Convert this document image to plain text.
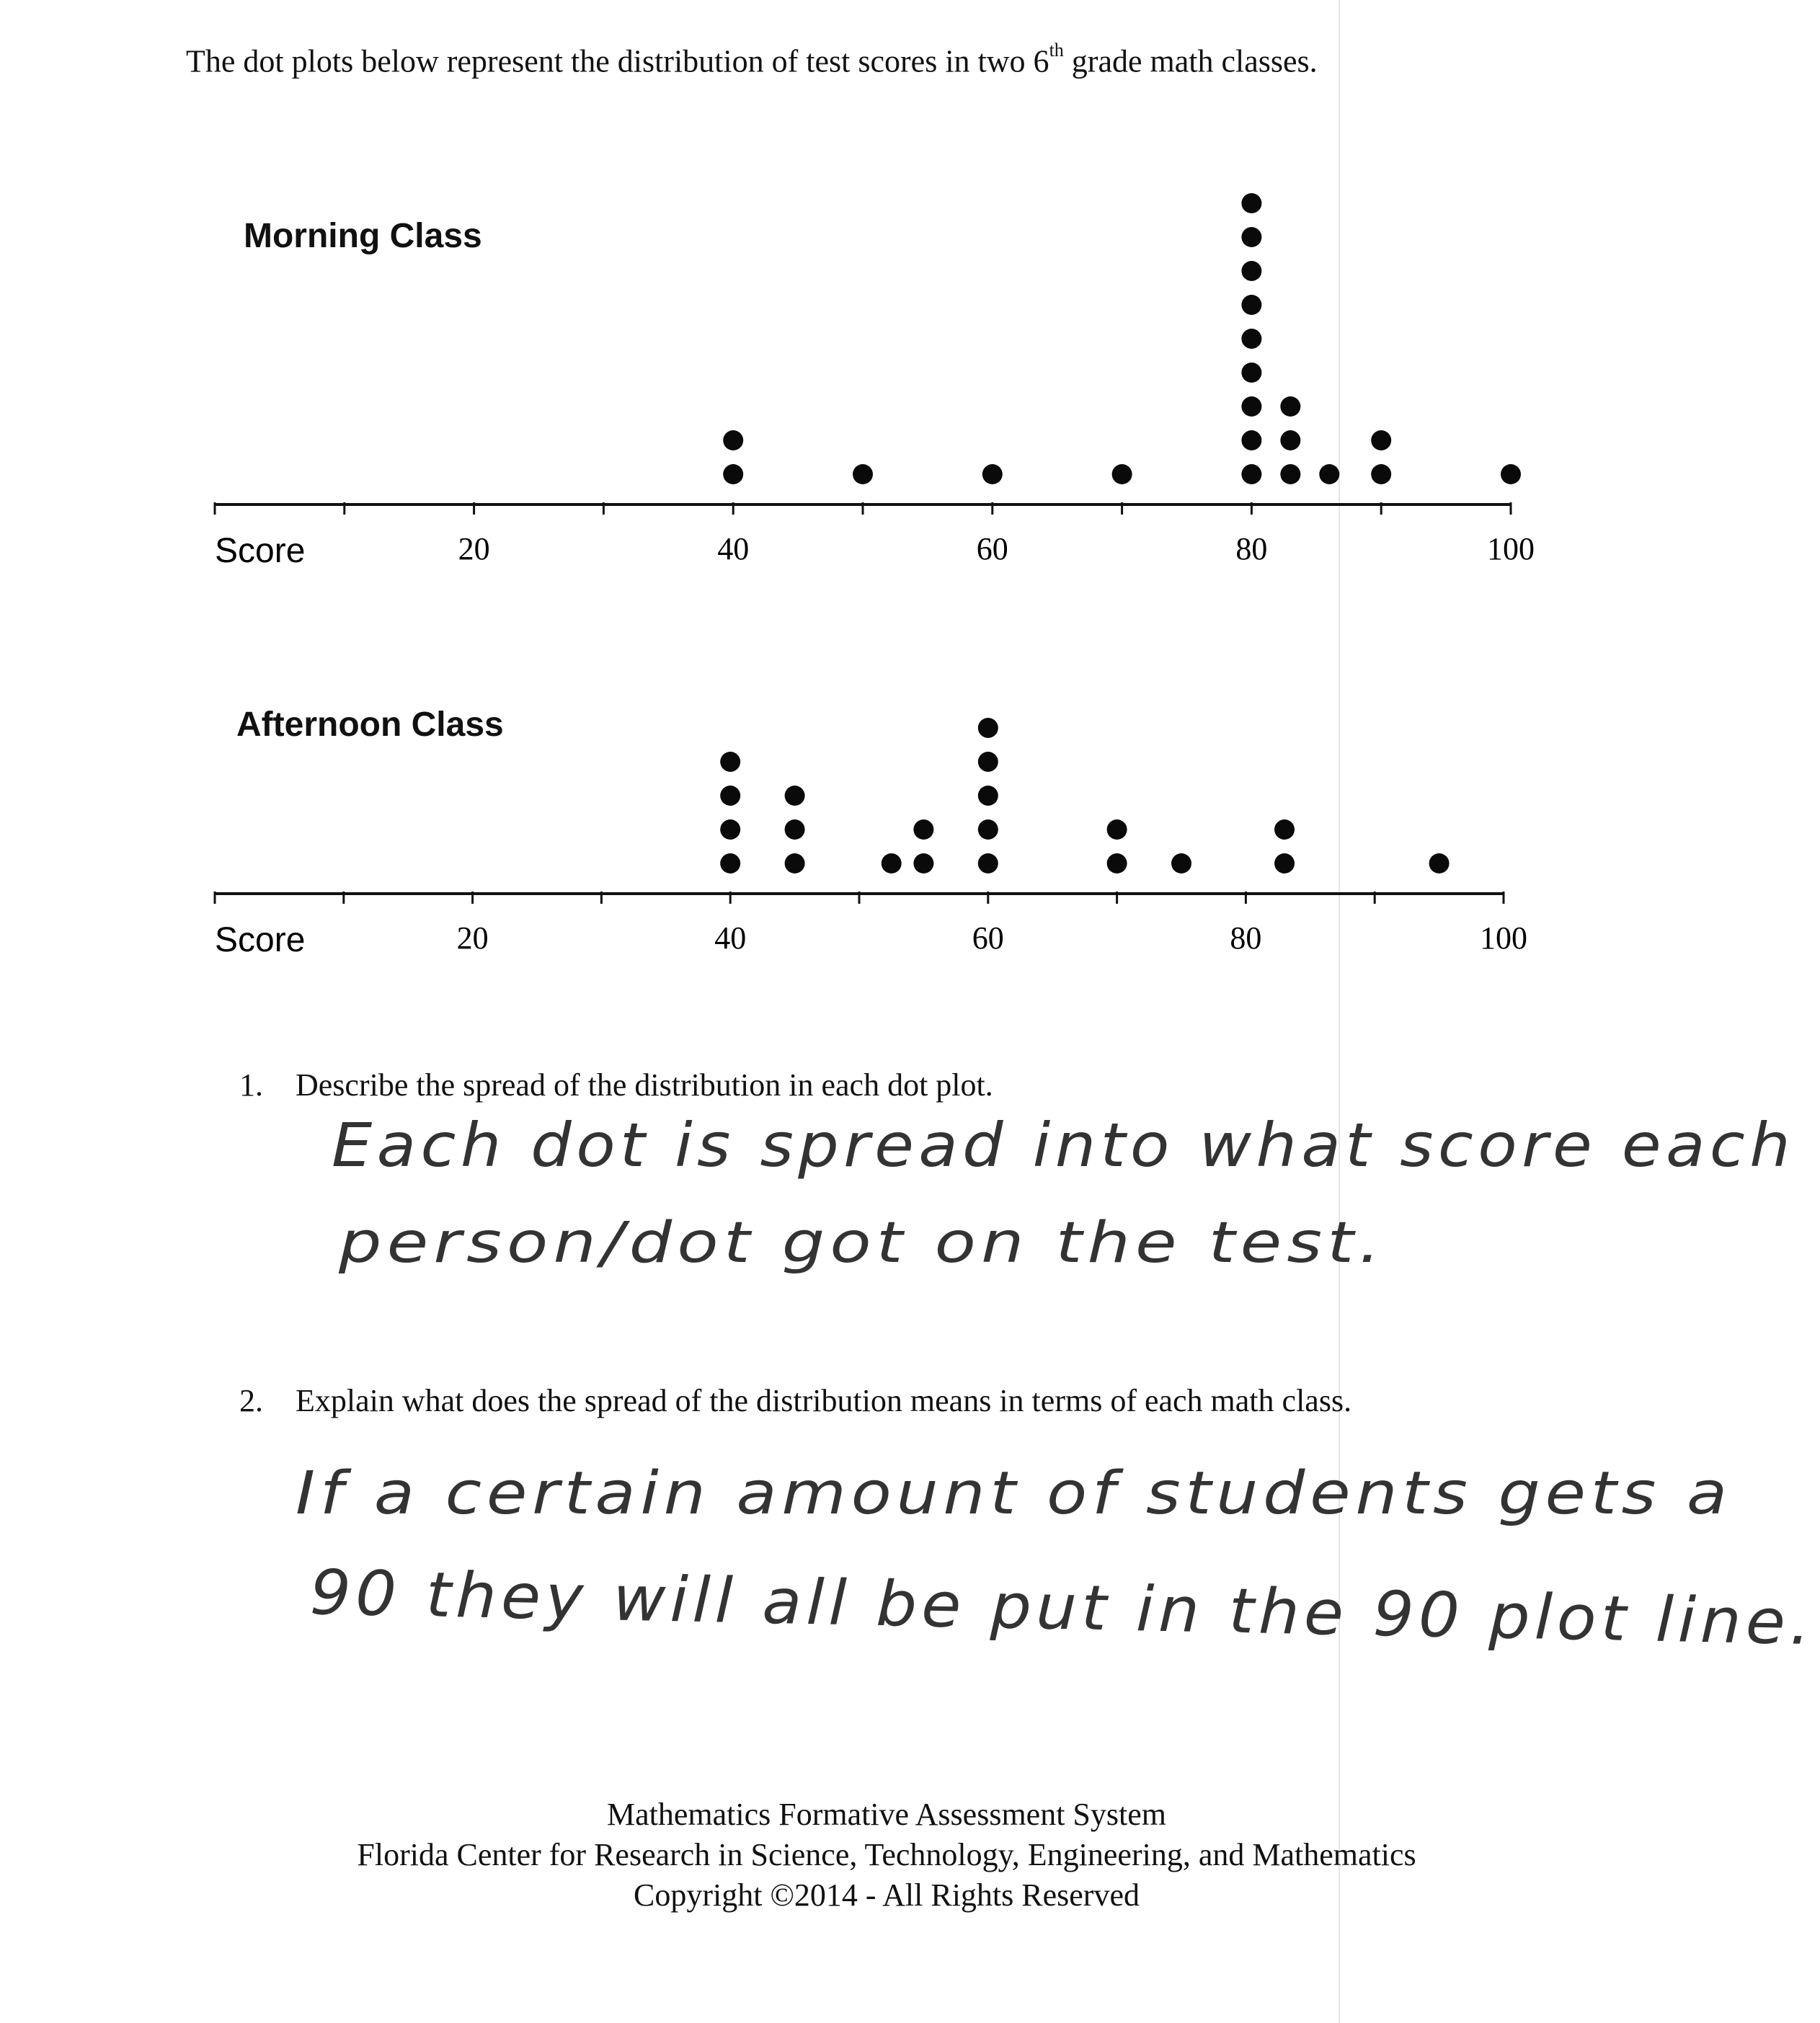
The dot plots below represent the distribution of test scores in two 6th grade math classes.
Morning Class
Score	20	40	60	80	100
Afternoon Class
Score	20	40	60	80	100
1. Describe the spread of the distribution in each dot plot.
Each dot is spread into what score each
person/dot got on the test.
2. Explain what does the spread of the distribution means in terms of each math class.
If a certain amount of students gets a
90 they will all be put in the 90 plot line.
Mathematics Formative Assessment System
Florida Center for Research in Science, Technology, Engineering, and Mathematics
Copyright ©2014 - All Rights Reserved
